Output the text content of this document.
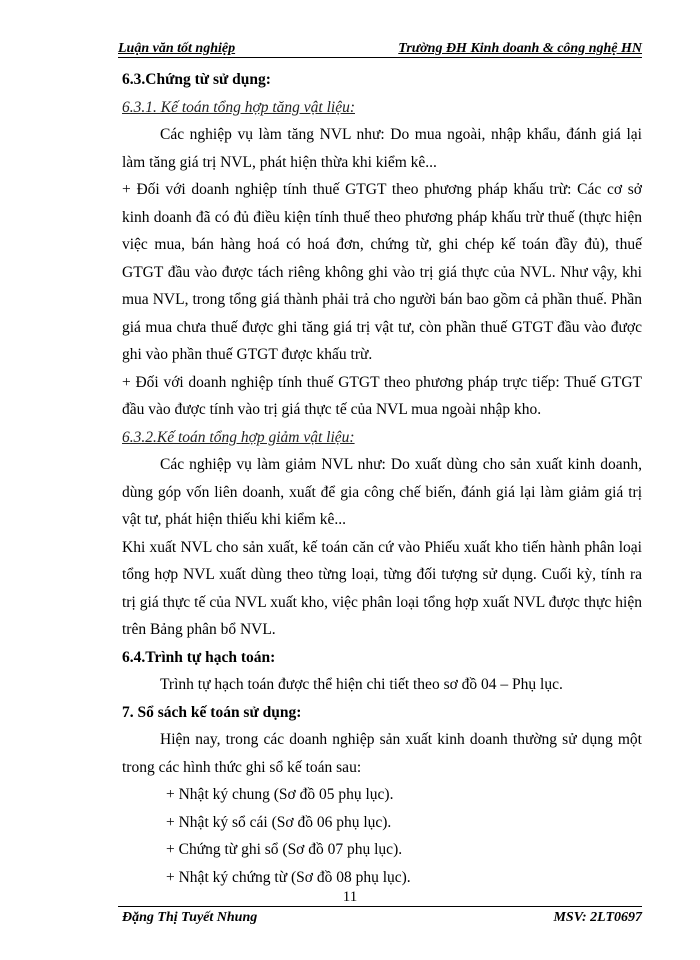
Luận văn tốt nghiệp	Trường ĐH Kinh doanh & công nghệ HN

6.3.Chứng từ sử dụng:

6.3.1. Kế toán tổng hợp tăng vật liệu:

Các nghiệp vụ làm tăng NVL như: Do mua ngoài, nhập khẩu, đánh giá lại làm tăng giá trị NVL, phát hiện thừa khi kiểm kê...

+ Đối với doanh nghiệp tính thuế GTGT theo phương pháp khấu trừ: Các cơ sở kinh doanh đã có đủ điều kiện tính thuế theo phương pháp khấu trừ thuế (thực hiện việc mua, bán hàng hoá có hoá đơn, chứng từ, ghi chép kế toán đầy đủ), thuế GTGT đầu vào được tách riêng không ghi vào trị giá thực của NVL. Như vậy, khi mua NVL, trong tổng giá thành phải trả cho người bán bao gồm cả phần thuế. Phần giá mua chưa thuế được ghi tăng giá trị vật tư, còn phần thuế GTGT đầu vào được ghi vào phần thuế GTGT được khấu trừ.

+ Đối với doanh nghiệp tính thuế GTGT theo phương pháp trực tiếp: Thuế GTGT đầu vào được tính vào trị giá thực tế của NVL mua ngoài nhập kho.

6.3.2.Kế toán tổng hợp giảm vật liệu:

Các nghiệp vụ làm giảm NVL như: Do xuất dùng cho sản xuất kinh doanh, dùng góp vốn liên doanh, xuất để gia công chế biến, đánh giá lại làm giảm giá trị vật tư, phát hiện thiếu khi kiểm kê...

Khi xuất NVL cho sản xuất, kế toán căn cứ vào Phiếu xuất kho tiến hành phân loại tổng hợp NVL xuất dùng theo từng loại, từng đối tượng sử dụng. Cuối kỳ, tính ra trị giá thực tế của NVL xuất kho, việc phân loại tổng hợp xuất NVL được thực hiện trên Bảng phân bổ NVL.

6.4.Trình tự hạch toán:

Trình tự hạch toán được thể hiện chi tiết theo sơ đồ 04 – Phụ lục.

7. Sổ sách kế toán sử dụng:

Hiện nay, trong các doanh nghiệp sản xuất kinh doanh thường sử dụng một trong các hình thức ghi sổ kế toán sau:

+ Nhật ký chung (Sơ đồ 05 phụ lục).

+ Nhật ký sổ cái (Sơ đồ 06 phụ lục).

+ Chứng từ ghi sổ (Sơ đồ 07 phụ lục).

+ Nhật ký chứng từ (Sơ đồ 08 phụ lục).

11
Đặng Thị Tuyết Nhung	MSV: 2LT0697
